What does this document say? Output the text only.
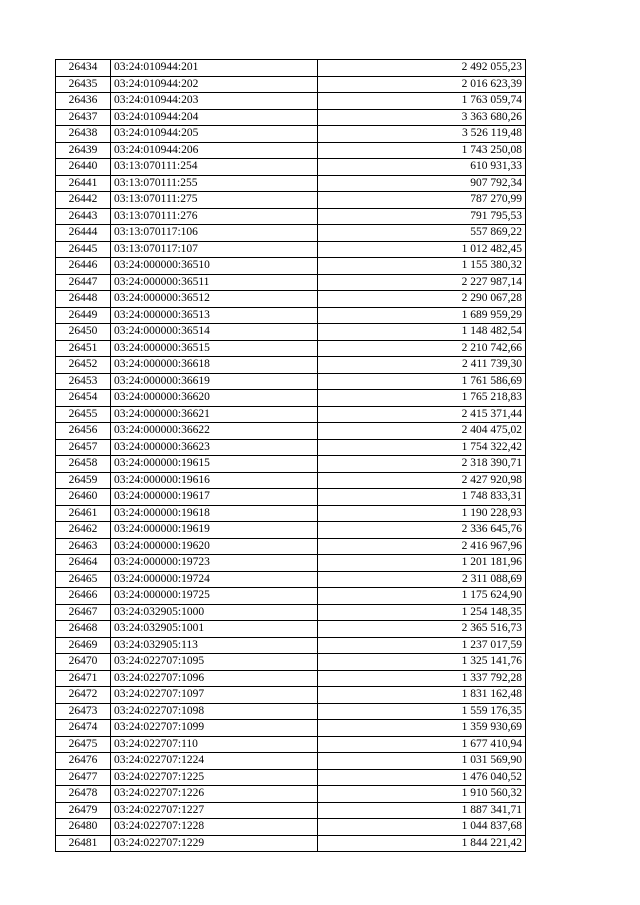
26434	03:24:010944:201	2 492 055,23
26435	03:24:010944:202	2 016 623,39
26436	03:24:010944:203	1 763 059,74
26437	03:24:010944:204	3 363 680,26
26438	03:24:010944:205	3 526 119,48
26439	03:24:010944:206	1 743 250,08
26440	03:13:070111:254	610 931,33
26441	03:13:070111:255	907 792,34
26442	03:13:070111:275	787 270,99
26443	03:13:070111:276	791 795,53
26444	03:13:070117:106	557 869,22
26445	03:13:070117:107	1 012 482,45
26446	03:24:000000:36510	1 155 380,32
26447	03:24:000000:36511	2 227 987,14
26448	03:24:000000:36512	2 290 067,28
26449	03:24:000000:36513	1 689 959,29
26450	03:24:000000:36514	1 148 482,54
26451	03:24:000000:36515	2 210 742,66
26452	03:24:000000:36618	2 411 739,30
26453	03:24:000000:36619	1 761 586,69
26454	03:24:000000:36620	1 765 218,83
26455	03:24:000000:36621	2 415 371,44
26456	03:24:000000:36622	2 404 475,02
26457	03:24:000000:36623	1 754 322,42
26458	03:24:000000:19615	2 318 390,71
26459	03:24:000000:19616	2 427 920,98
26460	03:24:000000:19617	1 748 833,31
26461	03:24:000000:19618	1 190 228,93
26462	03:24:000000:19619	2 336 645,76
26463	03:24:000000:19620	2 416 967,96
26464	03:24:000000:19723	1 201 181,96
26465	03:24:000000:19724	2 311 088,69
26466	03:24:000000:19725	1 175 624,90
26467	03:24:032905:1000	1 254 148,35
26468	03:24:032905:1001	2 365 516,73
26469	03:24:032905:113	1 237 017,59
26470	03:24:022707:1095	1 325 141,76
26471	03:24:022707:1096	1 337 792,28
26472	03:24:022707:1097	1 831 162,48
26473	03:24:022707:1098	1 559 176,35
26474	03:24:022707:1099	1 359 930,69
26475	03:24:022707:110	1 677 410,94
26476	03:24:022707:1224	1 031 569,90
26477	03:24:022707:1225	1 476 040,52
26478	03:24:022707:1226	1 910 560,32
26479	03:24:022707:1227	1 887 341,71
26480	03:24:022707:1228	1 044 837,68
26481	03:24:022707:1229	1 844 221,42
